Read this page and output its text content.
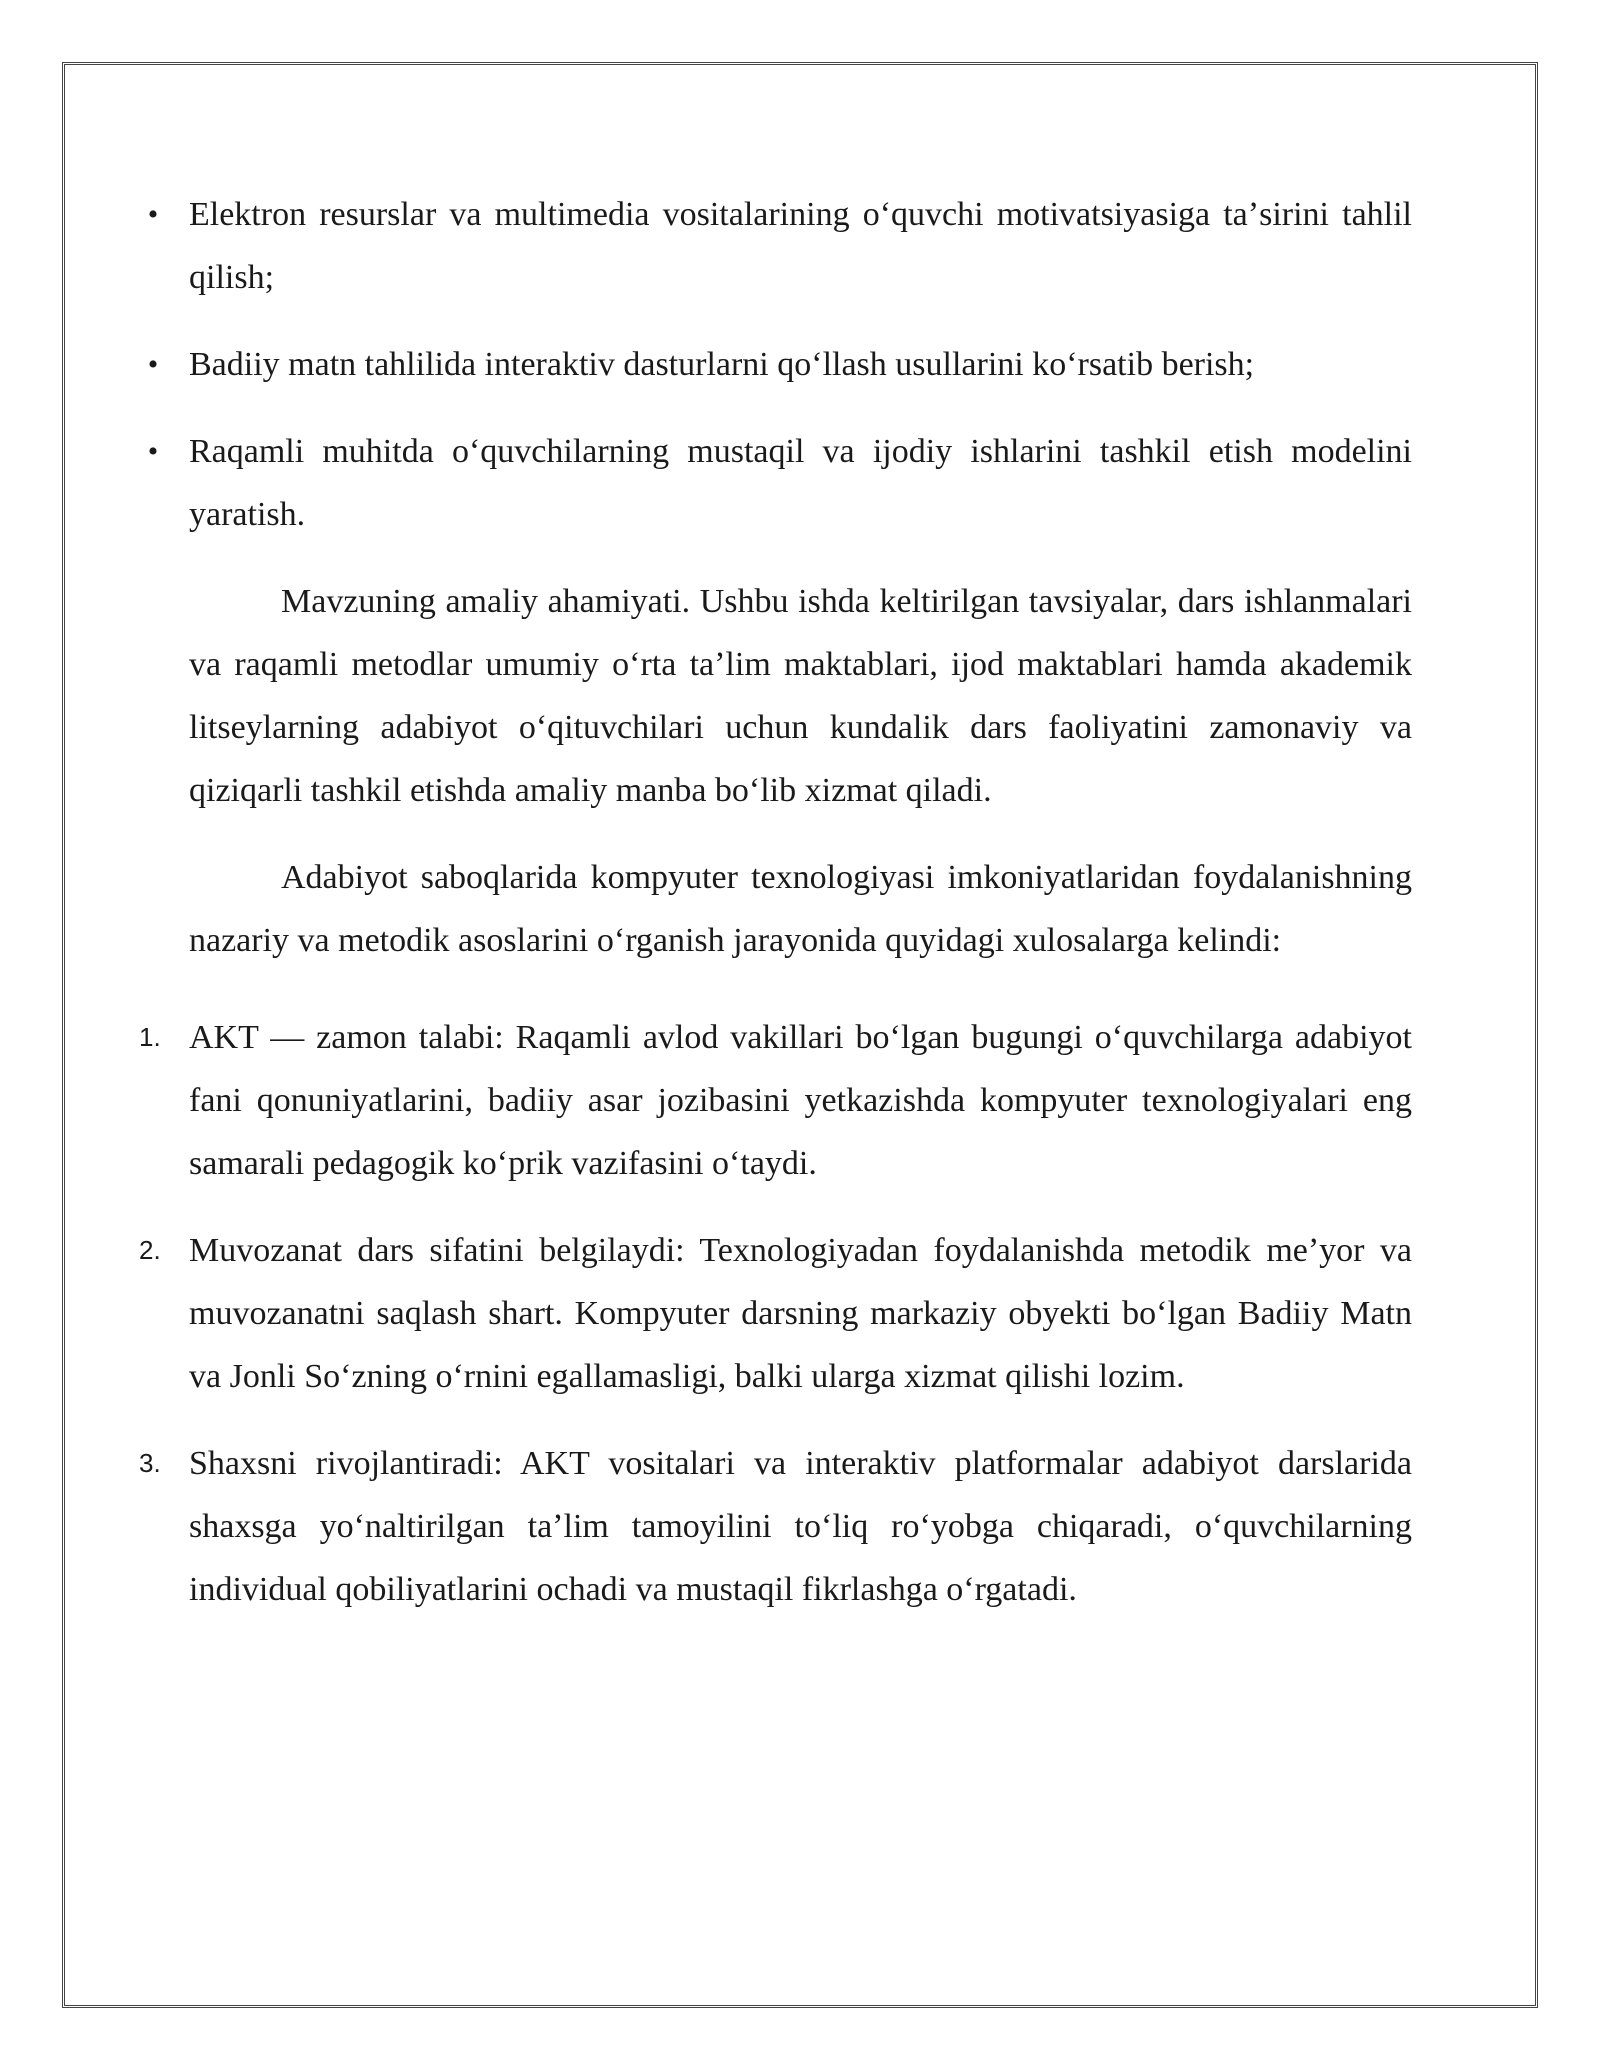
• Elektron resurslar va multimedia vositalarining oʻquvchi motivatsiyasiga taʼsirini tahlil qilish;
• Badiiy matn tahlilida interaktiv dasturlarni qoʻllash usullarini koʻrsatib berish;
• Raqamli muhitda oʻquvchilarning mustaqil va ijodiy ishlarini tashkil etish modelini yaratish.

Mavzuning amaliy ahamiyati. Ushbu ishda keltirilgan tavsiyalar, dars ishlanmalari va raqamli metodlar umumiy oʻrta taʼlim maktablari, ijod maktablari hamda akademik litseylarning adabiyot oʻqituvchilari uchun kundalik dars faoliyatini zamonaviy va qiziqarli tashkil etishda amaliy manba boʻlib xizmat qiladi.

Adabiyot saboqlarida kompyuter texnologiyasi imkoniyatlaridan foydalanishning nazariy va metodik asoslarini oʻrganish jarayonida quyidagi xulosalarga kelindi:

1. AKT — zamon talabi: Raqamli avlod vakillari boʻlgan bugungi oʻquvchilarga adabiyot fani qonuniyatlarini, badiiy asar jozibasini yetkazishda kompyuter texnologiyalari eng samarali pedagogik koʻprik vazifasini oʻtaydi.
2. Muvozanat dars sifatini belgilaydi: Texnologiyadan foydalanishda metodik meʼyor va muvozanatni saqlash shart. Kompyuter darsning markaziy obyekti boʻlgan Badiiy Matn va Jonli Soʻzning oʻrnini egallamasligi, balki ularga xizmat qilishi lozim.
3. Shaxsni rivojlantiradi: AKT vositalari va interaktiv platformalar adabiyot darslarida shaxsga yoʻnaltirilgan taʼlim tamoyilini toʻliq roʻyobga chiqaradi, oʻquvchilarning individual qobiliyatlarini ochadi va mustaqil fikrlashga oʻrgatadi.
